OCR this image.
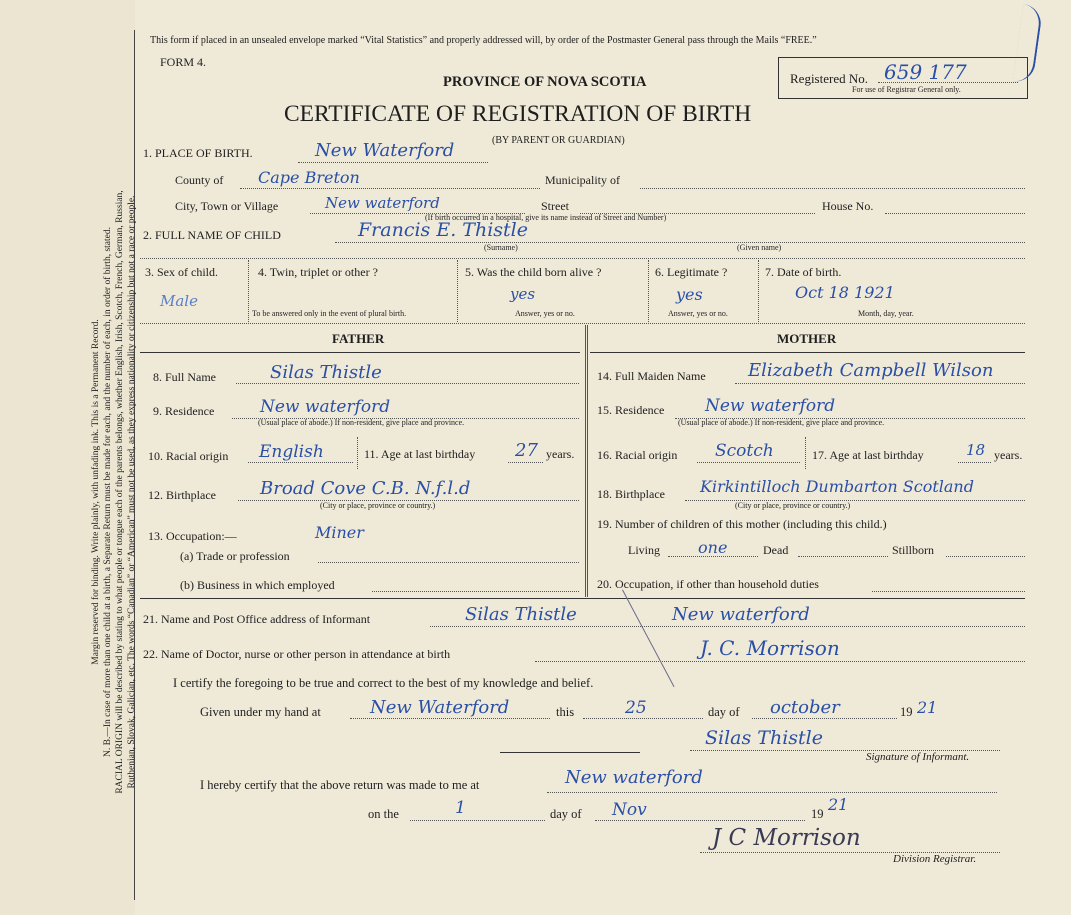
Margin reserved for binding. Write plainly, with unfading ink. This is a Permanent Record. N. B.—In case of more than one child at a birth, a Separate Return must be made for each, and the number of each, in order of birth, stated. RACIAL ORIGIN will be described by stating to what people or tongue each of the parents belongs, whether English, Irish, Scotch, French, German, Russian, Ruthenian, Slovak, Galician, etc. The words “Canadian” or “American” must not be used, as they express nationality or citizenship but not a race or people.
This form if placed in an unsealed envelope marked “Vital Statistics” and properly addressed will, by order of the Postmaster General pass through the Mails “FREE.”
FORM 4.
PROVINCE OF NOVA SCOTIA
CERTIFICATE OF REGISTRATION OF BIRTH
(BY PARENT OR GUARDIAN)
Registered No. 659 177
For use of Registrar General only.
1. PLACE OF BIRTH.	New Waterford
County of Cape Breton	Municipality of
City, Town or Village	New waterford	Street	House No.
(If birth occurred in a hospital, give its name instead of Street and Number)
2. FULL NAME OF CHILD	Francis E. Thistle
(Surname)	(Given name)
3. Sex of child.
Male
4. Twin, triplet or other ?
To be answered only in the event of plural birth.
5. Was the child born alive ?
yes
Answer, yes or no.
6. Legitimate ?
yes
Answer, yes or no.
7. Date of birth.
Oct 18 1921
Month, day, year.
FATHER
8. Full Name	Silas Thistle
9. Residence	New waterford
(Usual place of abode.) If non-resident, give place and province.
10. Racial origin English	11. Age at last birthday 27 years.
12. Birthplace Broad Cove C.B. N.f.l.d
(City or place, province or country.)
13. Occupation:—	Miner
(a) Trade or profession
(b) Business in which employed
MOTHER
14. Full Maiden Name Elizabeth Campbell Wilson
15. Residence New waterford
(Usual place of abode.) If non-resident, give place and province.
16. Racial origin Scotch	17. Age at last birthday	18 years.
18. Birthplace Kirkintilloch Dumbarton Scotland
(City or place, province or country.)
19. Number of children of this mother (including this child.)
Living one	Dead	Stillborn
20. Occupation, if other than household duties
21. Name and Post Office address of Informant	Silas Thistle	New waterford
22. Name of Doctor, nurse or other person in attendance at birth	J. C. Morrison
I certify the foregoing to be true and correct to the best of my knowledge and belief.
Given under my hand at	New Waterford	this	25	day of october	19 21
Silas Thistle
Signature of Informant.
I hereby certify that the above return was made to me at	New waterford
on the	1	day of Nov	19 21
J C Morrison
Division Registrar.
